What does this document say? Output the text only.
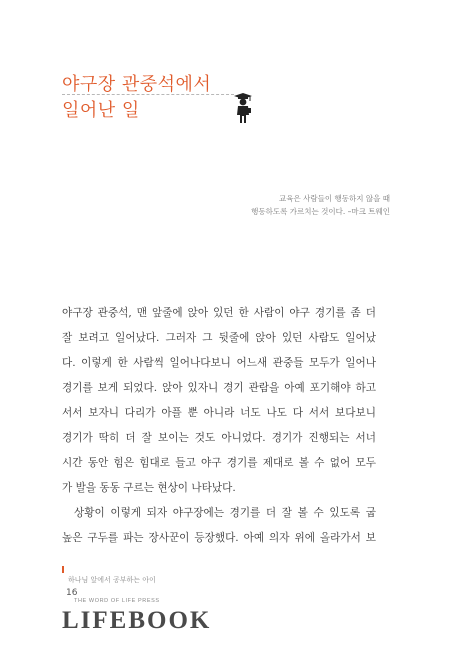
야구장 관중석에서
일어난 일
교육은 사람들이 행동하지 않을 때
행동하도록 가르치는 것이다. –마크 트웨인
야구장 관중석, 맨 앞줄에 앉아 있던 한 사람이 야구 경기를 좀 더
잘 보려고 일어났다. 그러자 그 뒷줄에 앉아 있던 사람도 일어났
다. 이렇게 한 사람씩 일어나다보니 어느새 관중들 모두가 일어나
경기를 보게 되었다. 앉아 있자니 경기 관람을 아예 포기해야 하고
서서 보자니 다리가 아플 뿐 아니라 너도 나도 다 서서 보다보니
경기가 딱히 더 잘 보이는 것도 아니었다. 경기가 진행되는 서너
시간 동안 힘은 힘대로 들고 야구 경기를 제대로 볼 수 없어 모두
가 발을 동동 구르는 현상이 나타났다.
상황이 이렇게 되자 야구장에는 경기를 더 잘 볼 수 있도록 굽
높은 구두를 파는 장사꾼이 등장했다. 아예 의자 위에 올라가서 보
하나님 앞에서 공부하는 아이
16
THE WORD OF LIFE PRESS
LIFEBOOK
